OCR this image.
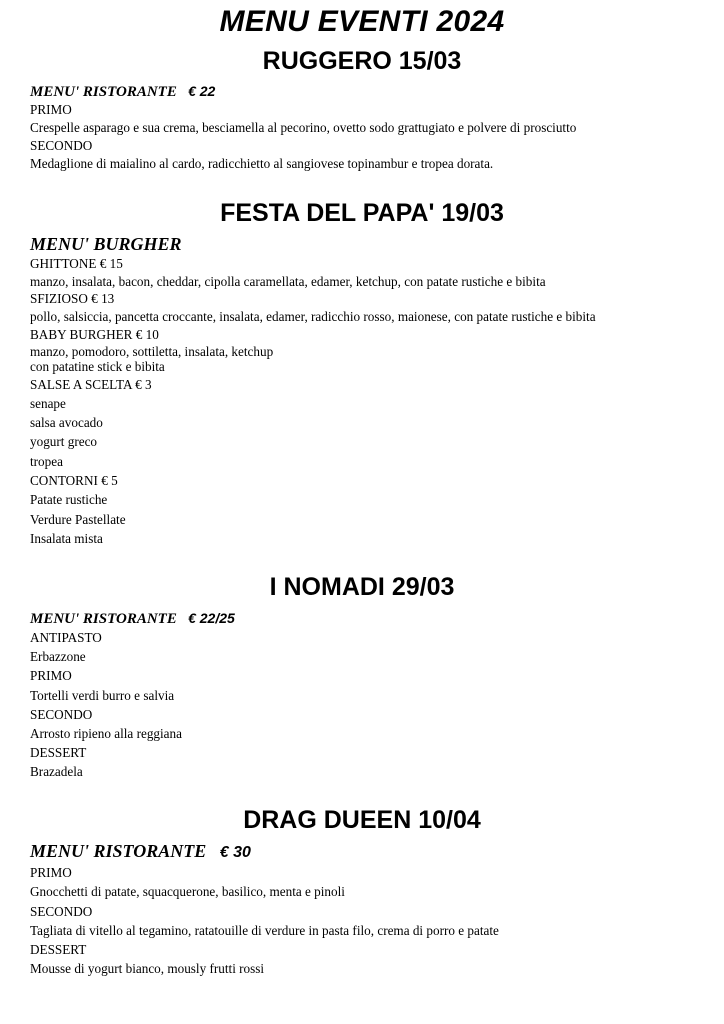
MENU EVENTI 2024
RUGGERO 15/03
MENU' RISTORANTE € 22
PRIMO
Crespelle asparago e sua crema, besciamella al pecorino, ovetto sodo grattugiato e polvere di prosciutto
SECONDO
Medaglione di maialino al cardo, radicchietto al sangiovese topinambur e tropea dorata.
FESTA DEL PAPA' 19/03
MENU' BURGHER
GHITTONE € 15
manzo, insalata, bacon, cheddar, cipolla caramellata, edamer, ketchup, con patate rustiche e bibita
SFIZIOSO € 13
pollo, salsiccia, pancetta croccante, insalata, edamer, radicchio rosso, maionese, con patate rustiche e bibita
BABY BURGHER € 10
manzo, pomodoro, sottiletta, insalata, ketchup
con patatine stick e bibita
SALSE A SCELTA € 3
senape
salsa avocado
yogurt greco
tropea
CONTORNI € 5
Patate rustiche
Verdure Pastellate
Insalata mista
I NOMADI 29/03
MENU' RISTORANTE € 22/25
ANTIPASTO
Erbazzone
PRIMO
Tortelli verdi burro e salvia
SECONDO
Arrosto ripieno alla reggiana
DESSERT
Brazadela
DRAG DUEEN 10/04
MENU' RISTORANTE € 30
PRIMO
Gnocchetti di patate, squacquerone, basilico, menta e pinoli
SECONDO
Tagliata di vitello al tegamino, ratatouille di verdure in pasta filo, crema di porro e patate
DESSERT
Mousse di yogurt bianco, mously frutti rossi
